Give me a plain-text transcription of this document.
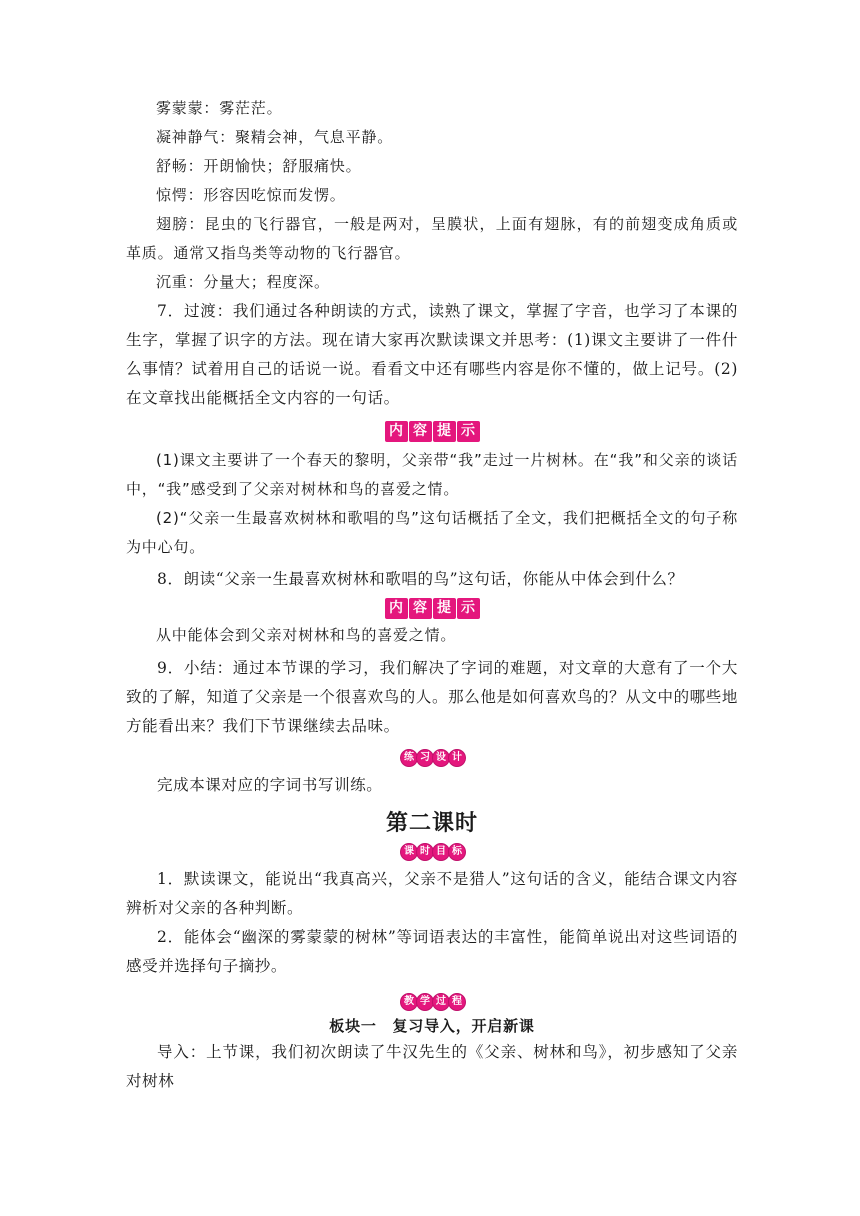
雾蒙蒙：雾茫茫。

凝神静气：聚精会神，气息平静。

舒畅：开朗愉快；舒服痛快。

惊愕：形容因吃惊而发愣。

翅膀：昆虫的飞行器官，一般是两对，呈膜状，上面有翅脉，有的前翅变成角质或革质。通常又指鸟类等动物的飞行器官。

沉重：分量大；程度深。

7．过渡：我们通过各种朗读的方式，读熟了课文，掌握了字音，也学习了本课的生字，掌握了识字的方法。现在请大家再次默读课文并思考：(1)课文主要讲了一件什么事情？试着用自己的话说一说。看看文中还有哪些内容是你不懂的，做上记号。(2)在文章找出能概括全文内容的一句话。

内 容 提 示

(1)课文主要讲了一个春天的黎明，父亲带“我”走过一片树林。在“我”和父亲的谈话中，“我”感受到了父亲对树林和鸟的喜爱之情。

(2)“父亲一生最喜欢树林和歌唱的鸟”这句话概括了全文，我们把概括全文的句子称为中心句。

8．朗读“父亲一生最喜欢树林和歌唱的鸟”这句话，你能从中体会到什么？

内 容 提 示

从中能体会到父亲对树林和鸟的喜爱之情。

9．小结：通过本节课的学习，我们解决了字词的难题，对文章的大意有了一个大致的了解，知道了父亲是一个很喜欢鸟的人。那么他是如何喜欢鸟的？从文中的哪些地方能看出来？我们下节课继续去品味。

练 习 设 计

完成本课对应的字词书写训练。

第二课时

课 时 目 标

1．默读课文，能说出“我真高兴，父亲不是猎人”这句话的含义，能结合课文内容辨析对父亲的各种判断。

2．能体会“幽深的雾蒙蒙的树林”等词语表达的丰富性，能简单说出对这些词语的感受并选择句子摘抄。

教 学 过 程

板块一　复习导入，开启新课

导入：上节课，我们初次朗读了牛汉先生的《父亲、树林和鸟》，初步感知了父亲对树林
